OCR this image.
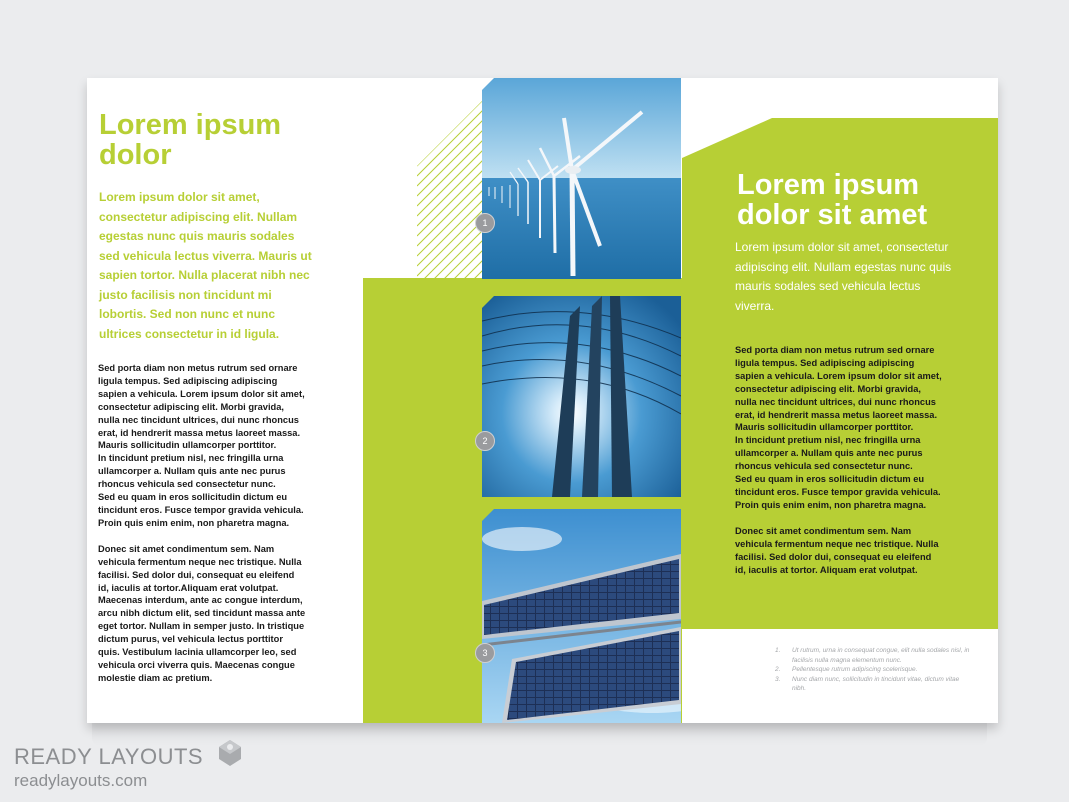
1
2
3
Lorem ipsum
dolor

Lorem ipsum dolor sit amet, consectetur adipiscing elit. Nullam egestas nunc quis mauris sodales sed vehicula lectus viverra. Mauris ut sapien tortor. Nulla placerat nibh nec justo facilisis non tincidunt mi lobortis. Sed non nunc et nunc ultrices consectetur in id ligula.

Sed porta diam non metus rutrum sed ornare
ligula tempus. Sed adipiscing adipiscing
sapien a vehicula. Lorem ipsum dolor sit amet,
consectetur adipiscing elit. Morbi gravida,
nulla nec tincidunt ultrices, dui nunc rhoncus
erat, id hendrerit massa metus laoreet massa.
Mauris sollicitudin ullamcorper porttitor.
In tincidunt pretium nisl, nec fringilla urna
ullamcorper a. Nullam quis ante nec purus
rhoncus vehicula sed consectetur nunc.
Sed eu quam in eros sollicitudin dictum eu
tincidunt eros. Fusce tempor gravida vehicula.
Proin quis enim enim, non pharetra magna.

Donec sit amet condimentum sem. Nam
vehicula fermentum neque nec tristique. Nulla
facilisi. Sed dolor dui, consequat eu eleifend
id, iaculis at tortor.Aliquam erat volutpat.
Maecenas interdum, ante ac congue interdum,
arcu nibh dictum elit, sed tincidunt massa ante
eget tortor. Nullam in semper justo. In tristique
dictum purus, vel vehicula lectus porttitor
quis. Vestibulum lacinia ullamcorper leo, sed
vehicula orci viverra quis. Maecenas congue
molestie diam ac pretium.

Lorem ipsum
dolor sit amet

Lorem ipsum dolor sit amet, consectetur adipiscing elit. Nullam egestas nunc quis mauris sodales sed vehicula lectus viverra.

Sed porta diam non metus rutrum sed ornare
ligula tempus. Sed adipiscing adipiscing
sapien a vehicula. Lorem ipsum dolor sit amet,
consectetur adipiscing elit. Morbi gravida,
nulla nec tincidunt ultrices, dui nunc rhoncus
erat, id hendrerit massa metus laoreet massa.
Mauris sollicitudin ullamcorper porttitor.
In tincidunt pretium nisl, nec fringilla urna
ullamcorper a. Nullam quis ante nec purus
rhoncus vehicula sed consectetur nunc.
Sed eu quam in eros sollicitudin dictum eu
tincidunt eros. Fusce tempor gravida vehicula.
Proin quis enim enim, non pharetra magna.

Donec sit amet condimentum sem. Nam
vehicula fermentum neque nec tristique. Nulla
facilisi. Sed dolor dui, consequat eu eleifend
id, iaculis at tortor. Aliquam erat volutpat.

1.	Ut rutrum, urna in consequat congue, elit nulla sodales nisl, in facilisis nulla magna elementum nunc.
2.	Pellentesque rutrum adipiscing scelerisque.
3.	Nunc diam nunc, sollicitudin in tincidunt vitae, dictum vitae nibh.
READY LAYOUTS
readylayouts.com
